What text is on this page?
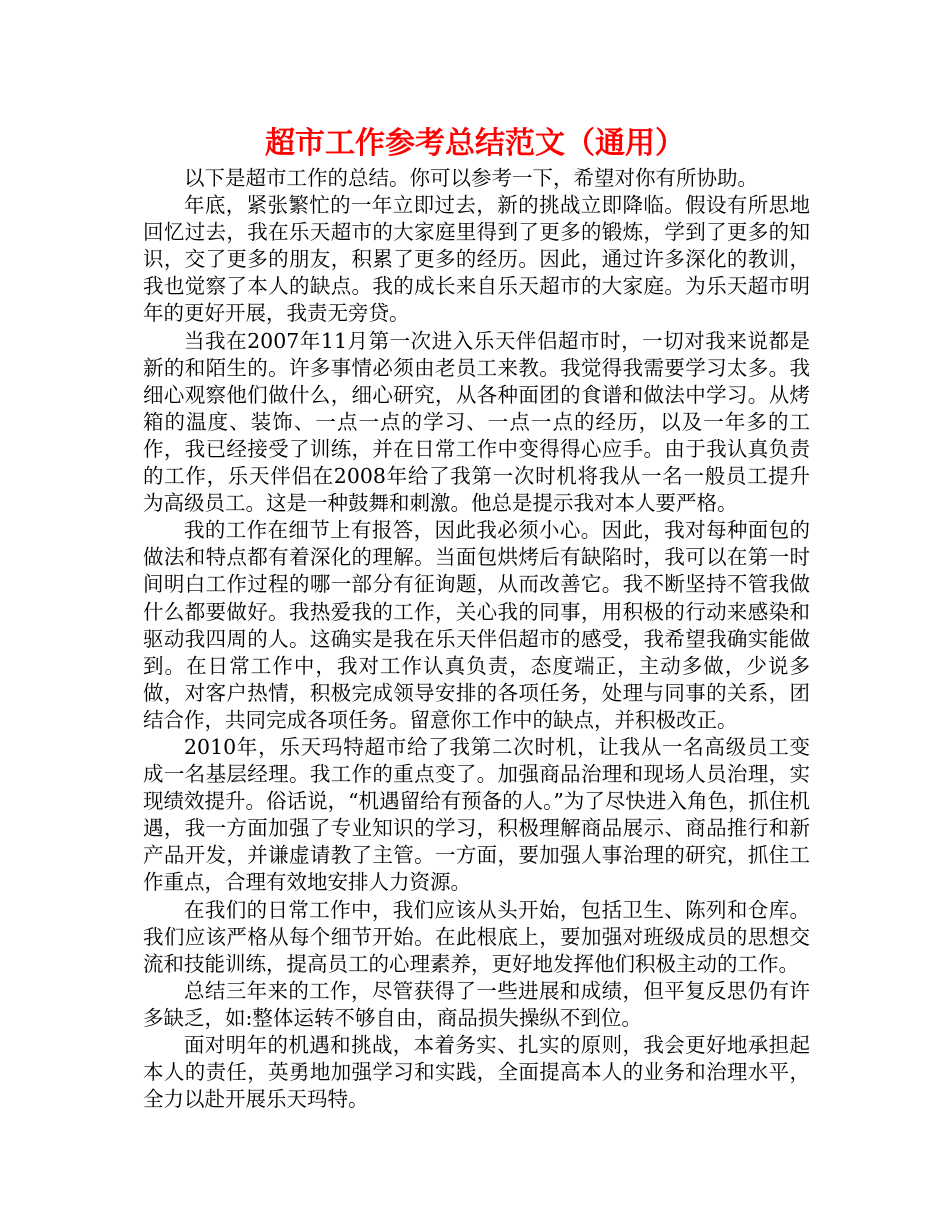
超市工作参考总结范文（通用）

以下是超市工作的总结。你可以参考一下，希望对你有所协助。

年底，紧张繁忙的一年立即过去，新的挑战立即降临。假设有所思地回忆过去，我在乐天超市的大家庭里得到了更多的锻炼，学到了更多的知识，交了更多的朋友，积累了更多的经历。因此，通过许多深化的教训，我也觉察了本人的缺点。我的成长来自乐天超市的大家庭。为乐天超市明年的更好开展，我责无旁贷。

当我在2007年11月第一次进入乐天伴侣超市时，一切对我来说都是新的和陌生的。许多事情必须由老员工来教。我觉得我需要学习太多。我细心观察他们做什么，细心研究，从各种面团的食谱和做法中学习。从烤箱的温度、装饰、一点一点的学习、一点一点的经历，以及一年多的工作，我已经接受了训练，并在日常工作中变得得心应手。由于我认真负责的工作，乐天伴侣在2008年给了我第一次时机将我从一名一般员工提升为高级员工。这是一种鼓舞和刺激。他总是提示我对本人要严格。

我的工作在细节上有报答，因此我必须小心。因此，我对每种面包的做法和特点都有着深化的理解。当面包烘烤后有缺陷时，我可以在第一时间明白工作过程的哪一部分有征询题，从而改善它。我不断坚持不管我做什么都要做好。我热爱我的工作，关心我的同事，用积极的行动来感染和驱动我四周的人。这确实是我在乐天伴侣超市的感受，我希望我确实能做到。在日常工作中，我对工作认真负责，态度端正，主动多做，少说多做，对客户热情，积极完成领导安排的各项任务，处理与同事的关系，团结合作，共同完成各项任务。留意你工作中的缺点，并积极改正。

2010年，乐天玛特超市给了我第二次时机，让我从一名高级员工变成一名基层经理。我工作的重点变了。加强商品治理和现场人员治理，实现绩效提升。俗话说，“机遇留给有预备的人。”为了尽快进入角色，抓住机遇，我一方面加强了专业知识的学习，积极理解商品展示、商品推行和新产品开发，并谦虚请教了主管。一方面，要加强人事治理的研究，抓住工作重点，合理有效地安排人力资源。

在我们的日常工作中，我们应该从头开始，包括卫生、陈列和仓库。我们应该严格从每个细节开始。在此根底上，要加强对班级成员的思想交流和技能训练，提高员工的心理素养，更好地发挥他们积极主动的工作。

总结三年来的工作，尽管获得了一些进展和成绩，但平复反思仍有许多缺乏，如:整体运转不够自由，商品损失操纵不到位。

面对明年的机遇和挑战，本着务实、扎实的原则，我会更好地承担起本人的责任，英勇地加强学习和实践，全面提高本人的业务和治理水平，全力以赴开展乐天玛特。
